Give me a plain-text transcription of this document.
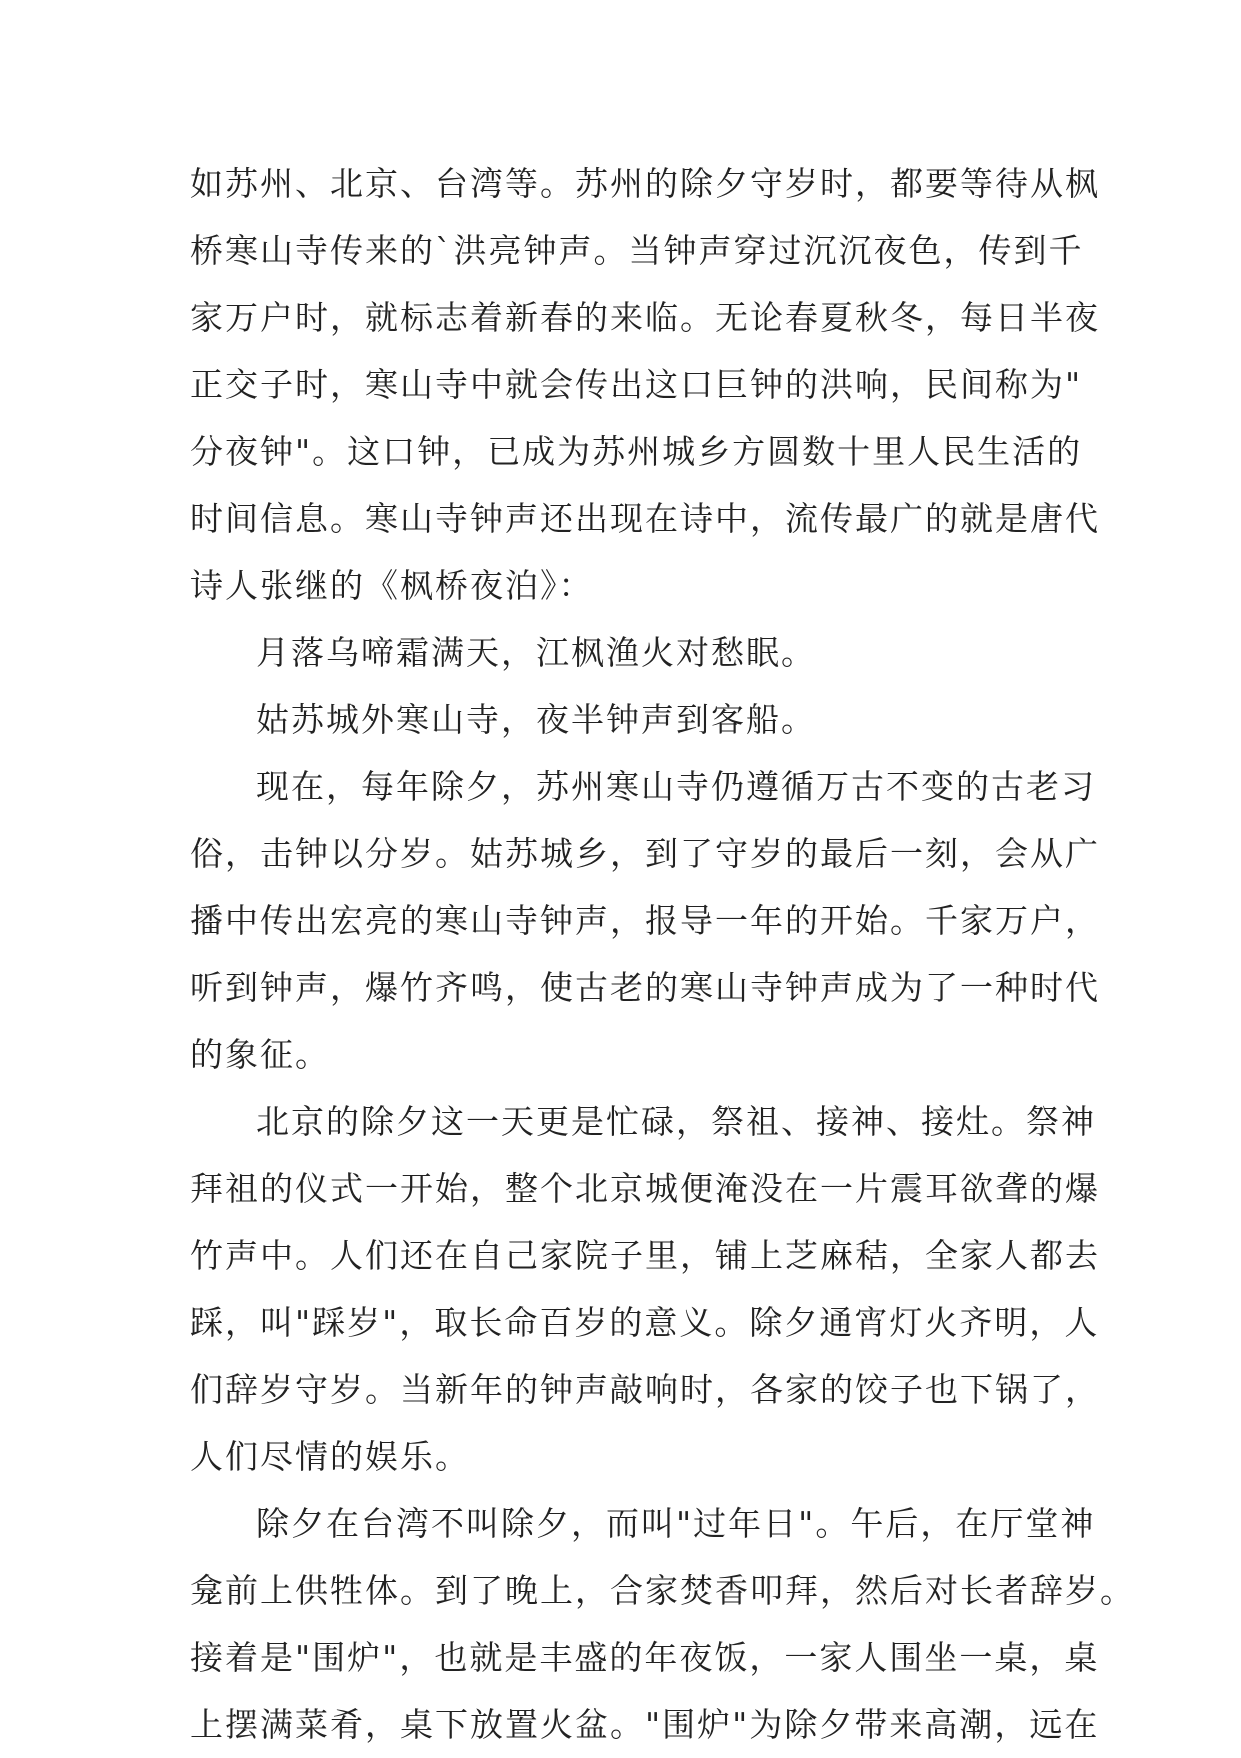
如苏州、北京、台湾等。苏州的除夕守岁时，都要等待从枫
桥寒山寺传来的`洪亮钟声。当钟声穿过沉沉夜色，传到千
家万户时，就标志着新春的来临。无论春夏秋冬，每日半夜
正交子时，寒山寺中就会传出这口巨钟的洪响，民间称为"
分夜钟"。这口钟，已成为苏州城乡方圆数十里人民生活的
时间信息。寒山寺钟声还出现在诗中，流传最广的就是唐代
诗人张继的《枫桥夜泊》：
月落乌啼霜满天，江枫渔火对愁眠。
姑苏城外寒山寺，夜半钟声到客船。
现在，每年除夕，苏州寒山寺仍遵循万古不变的古老习
俗，击钟以分岁。姑苏城乡，到了守岁的最后一刻，会从广
播中传出宏亮的寒山寺钟声，报导一年的开始。千家万户，
听到钟声，爆竹齐鸣，使古老的寒山寺钟声成为了一种时代
的象征。
北京的除夕这一天更是忙碌，祭祖、接神、接灶。祭神
拜祖的仪式一开始，整个北京城便淹没在一片震耳欲聋的爆
竹声中。人们还在自己家院子里，铺上芝麻秸，全家人都去
踩，叫"踩岁"，取长命百岁的意义。除夕通宵灯火齐明，人
们辞岁守岁。当新年的钟声敲响时，各家的饺子也下锅了，
人们尽情的娱乐。
除夕在台湾不叫除夕，而叫"过年日"。午后，在厅堂神
龛前上供牲体。到了晚上，合家焚香叩拜，然后对长者辞岁。
接着是"围炉"，也就是丰盛的年夜饭，一家人围坐一桌，桌
上摆满菜肴，桌下放置火盆。"围炉"为除夕带来高潮，远在
